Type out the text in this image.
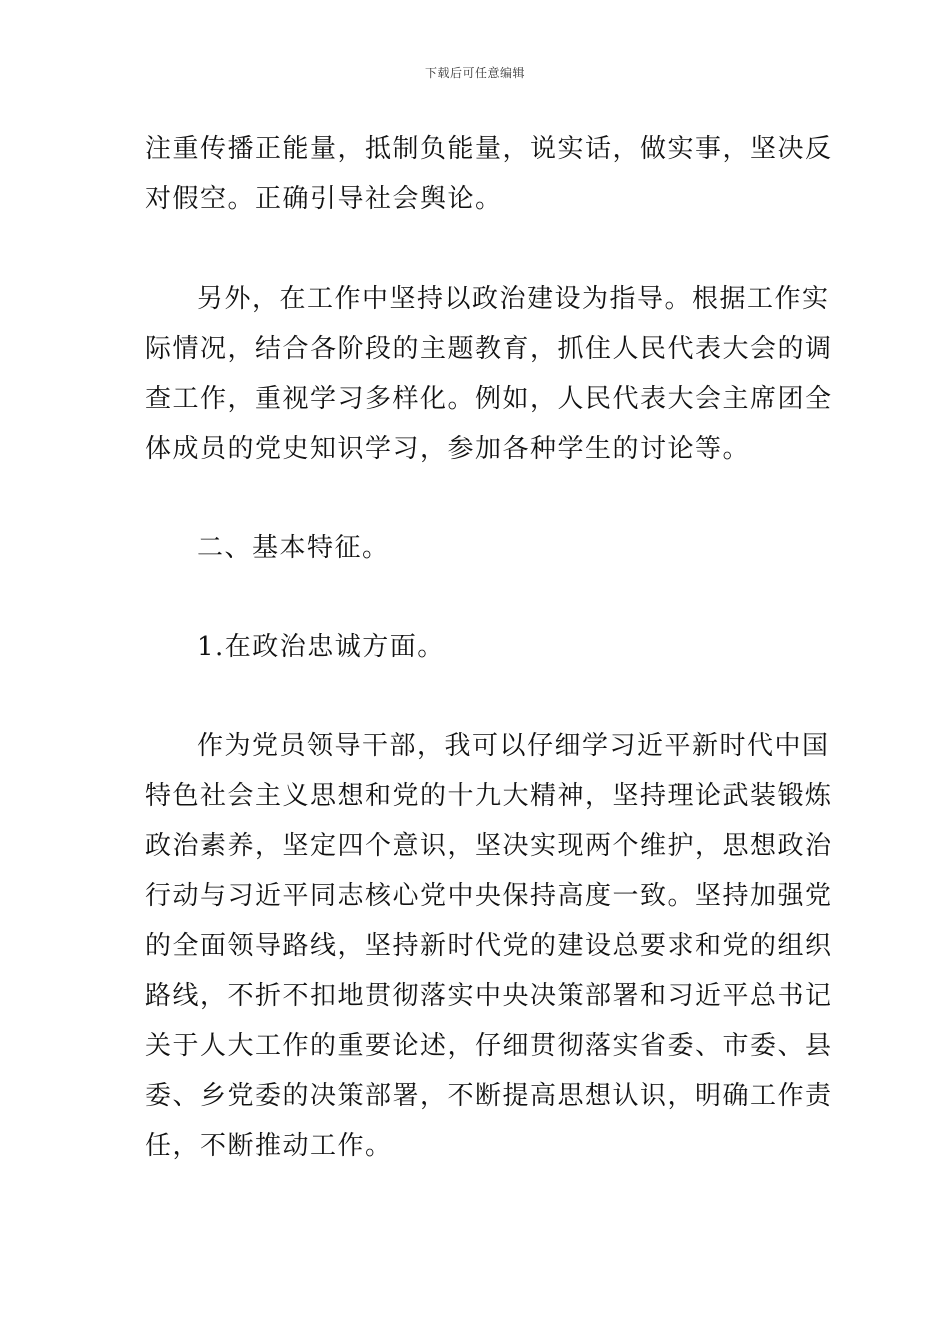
下载后可任意编辑
注重传播正能量，抵制负能量，说实话，做实事，坚决反
对假空。正确引导社会舆论。
另外，在工作中坚持以政治建设为指导。根据工作实
际情况，结合各阶段的主题教育，抓住人民代表大会的调
查工作，重视学习多样化。例如，人民代表大会主席团全
体成员的党史知识学习，参加各种学生的讨论等。
二、基本特征。
1.在政治忠诚方面。
作为党员领导干部，我可以仔细学习近平新时代中国
特色社会主义思想和党的十九大精神，坚持理论武装锻炼
政治素养，坚定四个意识，坚决实现两个维护，思想政治
行动与习近平同志核心党中央保持高度一致。坚持加强党
的全面领导路线，坚持新时代党的建设总要求和党的组织
路线，不折不扣地贯彻落实中央决策部署和习近平总书记
关于人大工作的重要论述，仔细贯彻落实省委、市委、县
委、乡党委的决策部署，不断提高思想认识，明确工作责
任，不断推动工作。
